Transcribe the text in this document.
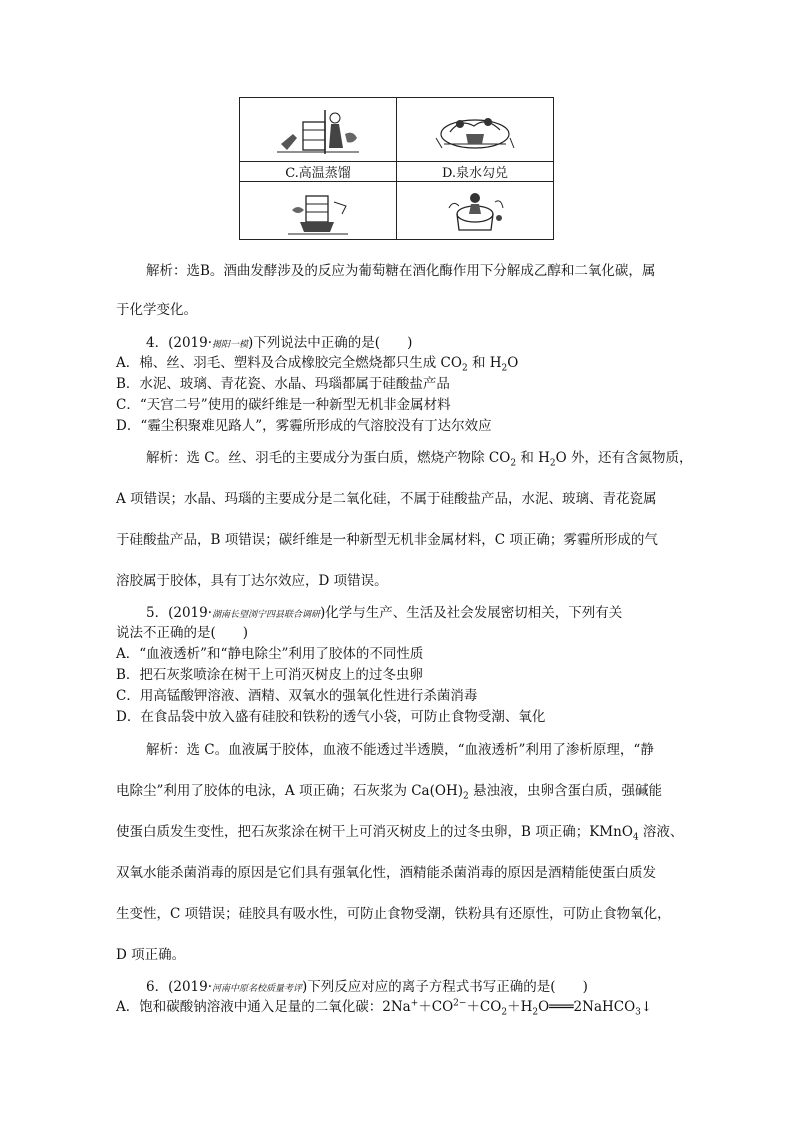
C.高温蒸馏	D.泉水勾兑

解析：选B。酒曲发酵涉及的反应为葡萄糖在酒化酶作用下分解成乙醇和二氧化碳，属
于化学变化。
4．(2019·揭阳一模)下列说法中正确的是(　　)
A．棉、丝、羽毛、塑料及合成橡胶完全燃烧都只生成 $CO_2$ 和 $H_2O$
B．水泥、玻璃、青花瓷、水晶、玛瑙都属于硅酸盐产品
C．“天宫二号”使用的碳纤维是一种新型无机非金属材料
D．“霾尘积聚难见路人”，雾霾所形成的气溶胶没有丁达尔效应
解析：选 C。丝、羽毛的主要成分为蛋白质，燃烧产物除 $CO_2$ 和 $H_2O$ 外，还有含氮物质，
A 项错误；水晶、玛瑙的主要成分是二氧化硅，不属于硅酸盐产品，水泥、玻璃、青花瓷属
于硅酸盐产品，B 项错误；碳纤维是一种新型无机非金属材料，C 项正确；雾霾所形成的气
溶胶属于胶体，具有丁达尔效应，D 项错误。
5．(2019·湖南长望浏宁四县联合调研)化学与生产、生活及社会发展密切相关，下列有关
说法不正确的是(　　)
A．“血液透析”和“静电除尘”利用了胶体的不同性质
B．把石灰浆喷涂在树干上可消灭树皮上的过冬虫卵
C．用高锰酸钾溶液、酒精、双氧水的强氧化性进行杀菌消毒
D．在食品袋中放入盛有硅胶和铁粉的透气小袋，可防止食物受潮、氧化
解析：选 C。血液属于胶体，血液不能透过半透膜，“血液透析”利用了渗析原理，“静
电除尘”利用了胶体的电泳，A 项正确；石灰浆为 $Ca(OH)_2$ 悬浊液，虫卵含蛋白质，强碱能
使蛋白质发生变性，把石灰浆涂在树干上可消灭树皮上的过冬虫卵，B 项正确；KMnO$_4$ 溶液、
双氧水能杀菌消毒的原因是它们具有强氧化性，酒精能杀菌消毒的原因是酒精能使蛋白质发
生变性，C 项错误；硅胶具有吸水性，可防止食物受潮，铁粉具有还原性，可防止食物氧化，
D 项正确。
6．(2019·河南中原名校质量考评)下列反应对应的离子方程式书写正确的是(　　)
A．饱和碳酸钠溶液中通入足量的二氧化碳：$2Na^++CO^{2-}+CO_2+H_2O═══2NaHCO_3↓$
